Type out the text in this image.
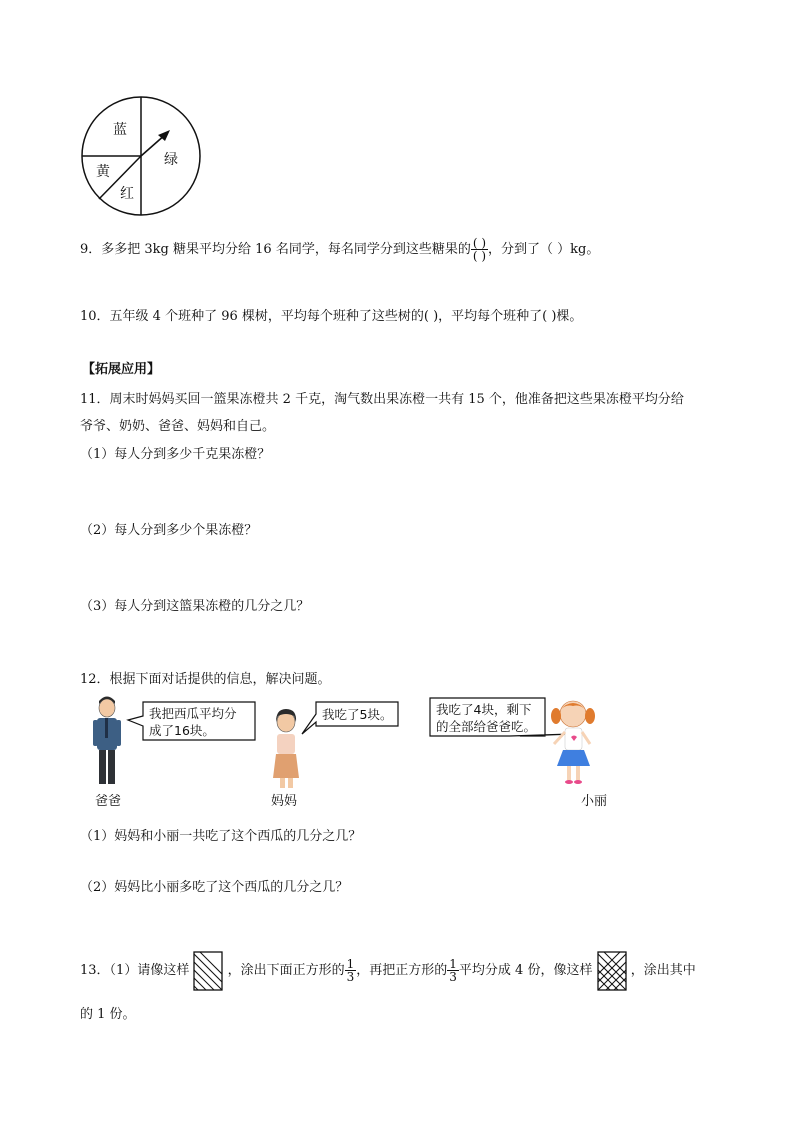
蓝
绿
黄
红
9．多多把 3kg 糖果平均分给 16 名同学，每名同学分到这些糖果的 $\frac{( )}{( )}$ ，分到了（ ）kg。
10．五年级 4 个班种了 96 棵树，平均每个班种了这些树的( )，平均每个班种了( )棵。
【拓展应用】
11．周末时妈妈买回一篮果冻橙共 2 千克，淘气数出果冻橙一共有 15 个，他准备把这些果冻橙平均分给
爷爷、奶奶、爸爸、妈妈和自己。
（1）每人分到多少千克果冻橙？
（2）每人分到多少个果冻橙？
（3）每人分到这篮果冻橙的几分之几？
12．根据下面对话提供的信息，解决问题。
我把西瓜平均分
成了16块。
我吃了5块。	我吃了4块，剩下
的全部给爸爸吃。
爸爸	妈妈	小丽
（1）妈妈和小丽一共吃了这个西瓜的几分之几？
（2）妈妈比小丽多吃了这个西瓜的几分之几？
13．（1）请像这样	，涂出下面正方形的 $\frac{1}{3}$ ，再把正方形的 $\frac{1}{3}$ 平均分成 4 份，像这样	，涂出其中
的 1 份。
